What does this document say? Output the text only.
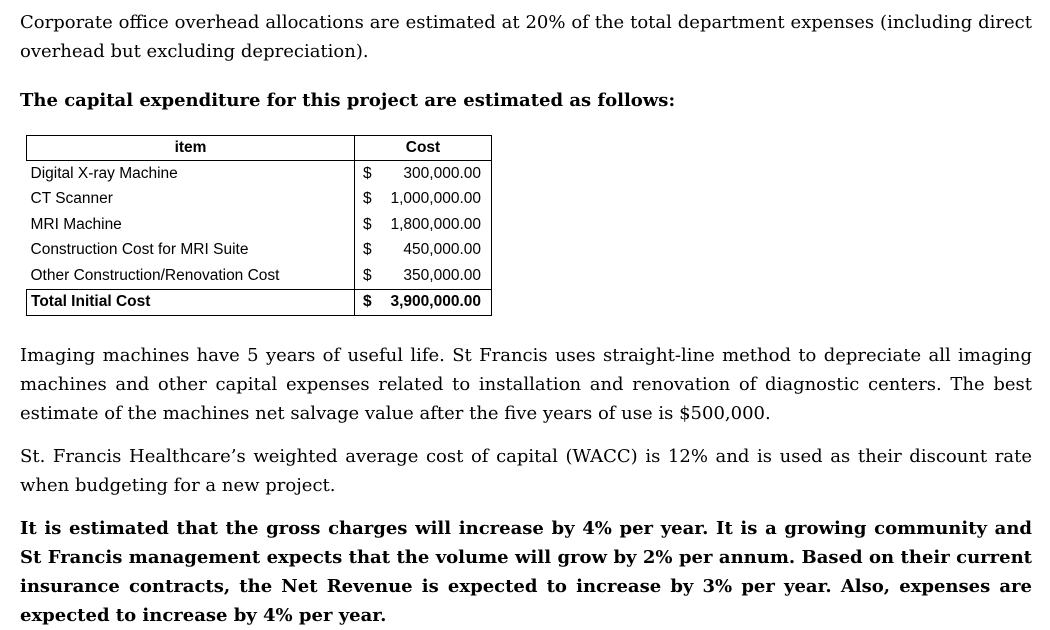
Corporate office overhead allocations are estimated at 20% of the total department expenses (including direct overhead but excluding depreciation).

The capital expenditure for this project are estimated as follows:

item	Cost
Digital X-ray Machine	$ 300,000.00

CT Scanner	$ 1,000,000.00

MRI Machine	$ 1,800,000.00

Construction Cost for MRI Suite	$ 450,000.00

Other Construction/Renovation Cost	$ 350,000.00

Total Initial Cost	$ 3,900,000.00

Imaging machines have 5 years of useful life. St Francis uses straight-line method to depreciate all imaging machines and other capital expenses related to installation and renovation of diagnostic centers. The best estimate of the machines net salvage value after the five years of use is $500,000.

St. Francis Healthcare’s weighted average cost of capital (WACC) is 12% and is used as their discount rate when budgeting for a new project.

It is estimated that the gross charges will increase by 4% per year. It is a growing community and St Francis management expects that the volume will grow by 2% per annum. Based on their current insurance contracts, the Net Revenue is expected to increase by 3% per year. Also, expenses are expected to increase by 4% per year.
